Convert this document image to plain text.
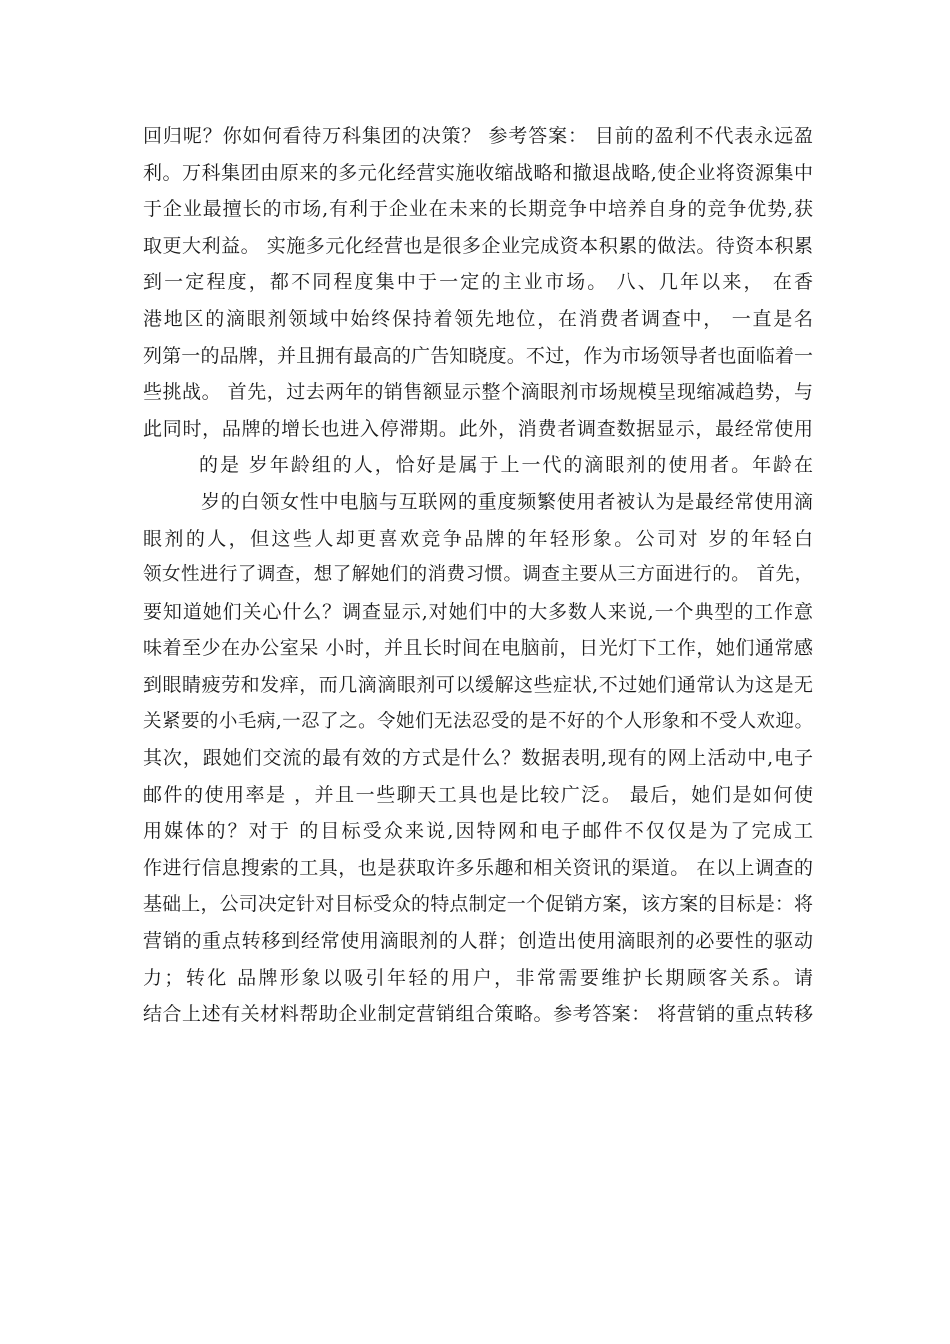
回归呢？你如何看待万科集团的决策？ 参考答案： 目前的盈利不代表永远盈
利。万科集团由原来的多元化经营实施收缩战略和撤退战略,使企业将资源集中
于企业最擅长的市场,有利于企业在未来的长期竞争中培养自身的竞争优势,获
取更大利益。 实施多元化经营也是很多企业完成资本积累的做法。待资本积累
到一定程度，都不同程度集中于一定的主业市场。 八、几年以来， 在香
港地区的滴眼剂领域中始终保持着领先地位，在消费者调查中， 一直是名
列第一的品牌，并且拥有最高的广告知晓度。不过，作为市场领导者也面临着一
些挑战。 首先，过去两年的销售额显示整个滴眼剂市场规模呈现缩减趋势，与
此同时，品牌的增长也进入停滞期。此外，消费者调查数据显示，最经常使用
的是 岁年龄组的人，恰好是属于上一代的滴眼剂的使用者。年龄在
岁的白领女性中电脑与互联网的重度频繁使用者被认为是最经常使用滴
眼剂的人，但这些人却更喜欢竞争品牌的年轻形象。公司对 岁的年轻白
领女性进行了调查，想了解她们的消费习惯。调查主要从三方面进行的。 首先，
要知道她们关心什么？调查显示,对她们中的大多数人来说,一个典型的工作意
味着至少在办公室呆 小时，并且长时间在电脑前，日光灯下工作，她们通常感
到眼睛疲劳和发痒，而几滴滴眼剂可以缓解这些症状,不过她们通常认为这是无
关紧要的小毛病,一忍了之。令她们无法忍受的是不好的个人形象和不受人欢迎。
其次，跟她们交流的最有效的方式是什么？数据表明,现有的网上活动中,电子
邮件的使用率是 ，并且一些聊天工具也是比较广泛。 最后，她们是如何使
用媒体的？对于 的目标受众来说,因特网和电子邮件不仅仅是为了完成工
作进行信息搜索的工具，也是获取许多乐趣和相关资讯的渠道。 在以上调查的
基础上，公司决定针对目标受众的特点制定一个促销方案，该方案的目标是：将
营销的重点转移到经常使用滴眼剂的人群；创造出使用滴眼剂的必要性的驱动
力；转化 品牌形象以吸引年轻的用户，非常需要维护长期顾客关系。请
结合上述有关材料帮助企业制定营销组合策略。参考答案： 将营销的重点转移
